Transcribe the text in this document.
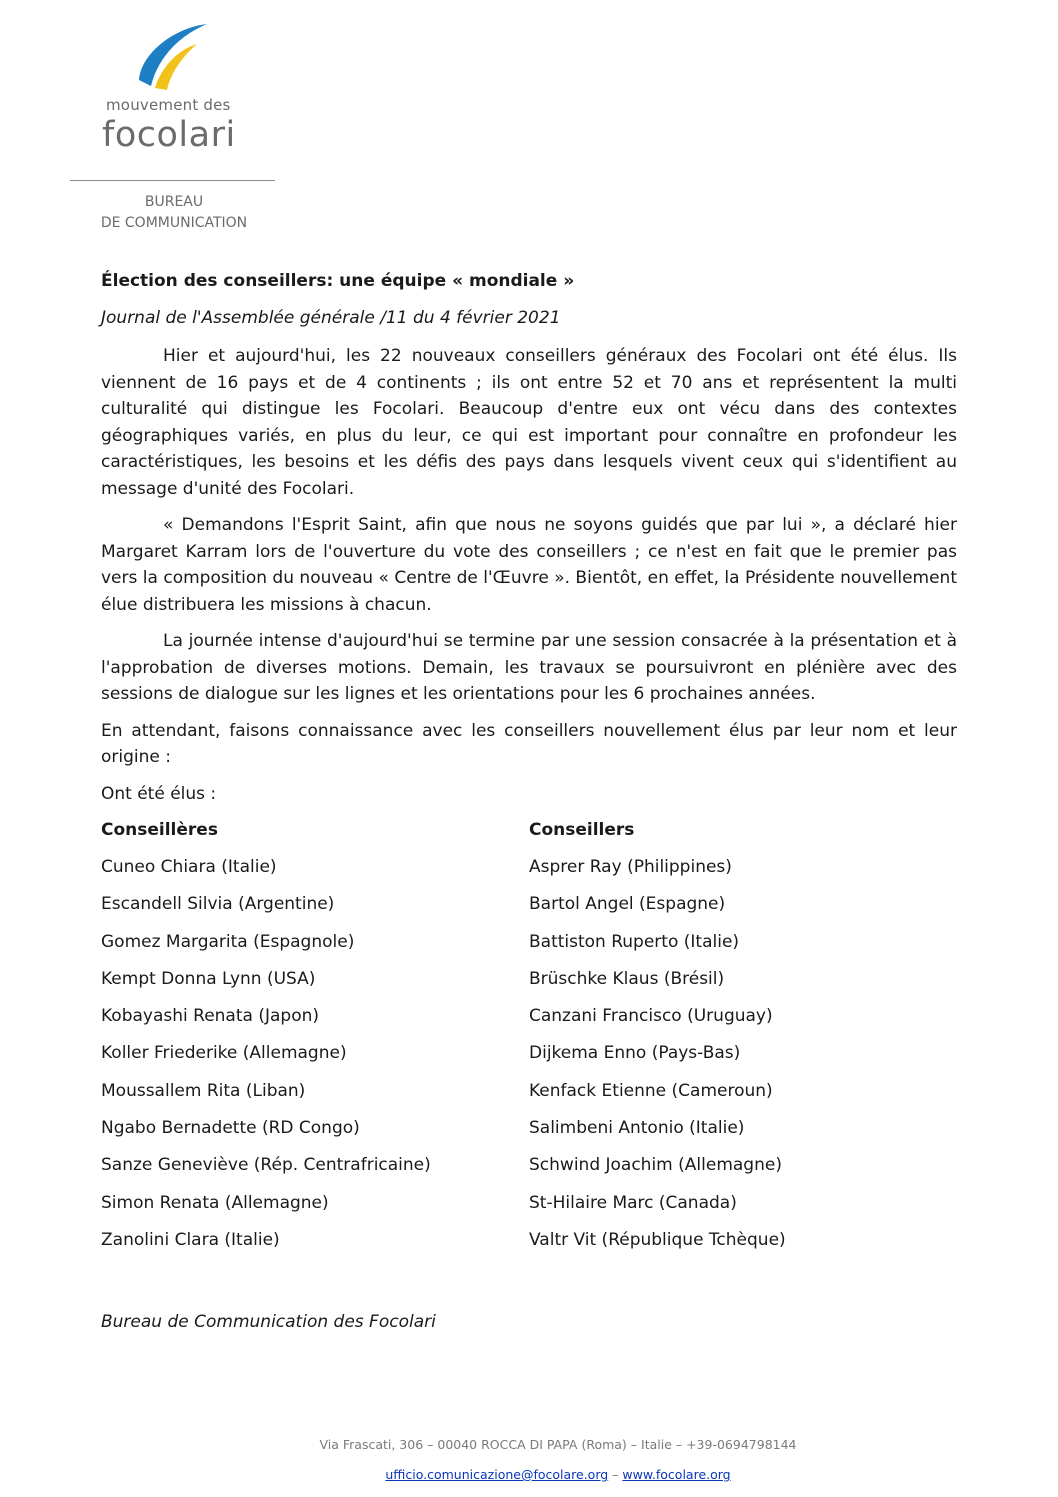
mouvement des
focolari
BUREAU
DE COMMUNICATION
Élection des conseillers: une équipe « mondiale »
Journal de l'Assemblée générale /11 du 4 février 2021

Hier et aujourd'hui, les 22 nouveaux conseillers généraux des Focolari ont été élus. Ils viennent de 16 pays et de 4 continents ; ils ont entre 52 et 70 ans et représentent la multi culturalité qui distingue les Focolari. Beaucoup d'entre eux ont vécu dans des contextes géographiques variés, en plus du leur, ce qui est important pour connaître en profondeur les caractéristiques, les besoins et les défis des pays dans lesquels vivent ceux qui s'identifient au message d'unité des Focolari.

« Demandons l'Esprit Saint, afin que nous ne soyons guidés que par lui », a déclaré hier Margaret Karram lors de l'ouverture du vote des conseillers ; ce n'est en fait que le premier pas vers la composition du nouveau « Centre de l'Œuvre ». Bientôt, en effet, la Présidente nouvellement élue distribuera les missions à chacun.

La journée intense d'aujourd'hui se termine par une session consacrée à la présentation et à l'approbation de diverses motions. Demain, les travaux se poursuivront en plénière avec des sessions de dialogue sur les lignes et les orientations pour les 6 prochaines années.

En attendant, faisons connaissance avec les conseillers nouvellement élus par leur nom et leur origine :

Ont été élus :

Conseillères
Cuneo Chiara (Italie)
Escandell Silvia (Argentine)
Gomez Margarita (Espagnole)
Kempt Donna Lynn (USA)
Kobayashi Renata (Japon)
Koller Friederike (Allemagne)
Moussallem Rita (Liban)
Ngabo Bernadette (RD Congo)
Sanze Geneviève (Rép. Centrafricaine)
Simon Renata (Allemagne)
Zanolini Clara (Italie)
Conseillers
Asprer Ray (Philippines)
Bartol Angel (Espagne)
Battiston Ruperto (Italie)
Brüschke Klaus (Brésil)
Canzani Francisco (Uruguay)
Dijkema Enno (Pays-Bas)
Kenfack Etienne (Cameroun)
Salimbeni Antonio (Italie)
Schwind Joachim (Allemagne)
St-Hilaire Marc (Canada)
Valtr Vit (République Tchèque)
Bureau de Communication des Focolari
Via Frascati, 306 – 00040 ROCCA DI PAPA (Roma) – Italie – +39-0694798144
ufficio.comunicazione@focolare.org – www.focolare.org
